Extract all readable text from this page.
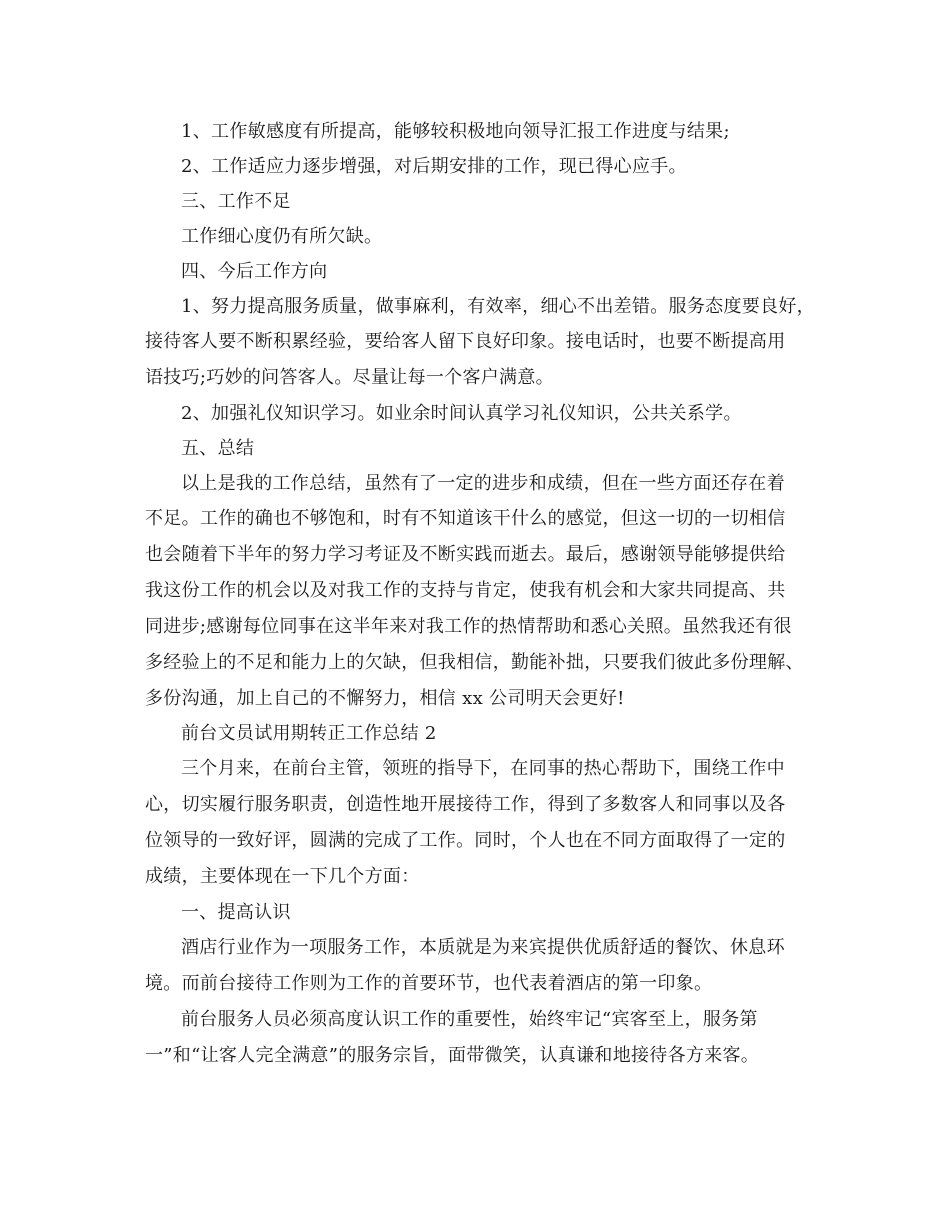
1、工作敏感度有所提高，能够较积极地向领导汇报工作进度与结果;
2、工作适应力逐步增强，对后期安排的工作，现已得心应手。
三、工作不足
工作细心度仍有所欠缺。
四、今后工作方向
1、努力提高服务质量，做事麻利，有效率，细心不出差错。服务态度要良好，
接待客人要不断积累经验，要给客人留下良好印象。接电话时，也要不断提高用
语技巧;巧妙的问答客人。尽量让每一个客户满意。
2、加强礼仪知识学习。如业余时间认真学习礼仪知识，公共关系学。
五、总结
以上是我的工作总结，虽然有了一定的进步和成绩，但在一些方面还存在着
不足。工作的确也不够饱和，时有不知道该干什么的感觉，但这一切的一切相信
也会随着下半年的努力学习考证及不断实践而逝去。最后，感谢领导能够提供给
我这份工作的机会以及对我工作的支持与肯定，使我有机会和大家共同提高、共
同进步;感谢每位同事在这半年来对我工作的热情帮助和悉心关照。虽然我还有很
多经验上的不足和能力上的欠缺，但我相信，勤能补拙，只要我们彼此多份理解、
多份沟通，加上自己的不懈努力，相信 xx 公司明天会更好!
前台文员试用期转正工作总结 2
三个月来，在前台主管，领班的指导下，在同事的热心帮助下，围绕工作中
心，切实履行服务职责，创造性地开展接待工作，得到了多数客人和同事以及各
位领导的一致好评，圆满的完成了工作。同时，个人也在不同方面取得了一定的
成绩，主要体现在一下几个方面：
一、提高认识
酒店行业作为一项服务工作，本质就是为来宾提供优质舒适的餐饮、休息环
境。而前台接待工作则为工作的首要环节，也代表着酒店的第一印象。
前台服务人员必须高度认识工作的重要性，始终牢记“宾客至上，服务第
一”和“让客人完全满意”的服务宗旨，面带微笑，认真谦和地接待各方来客。
